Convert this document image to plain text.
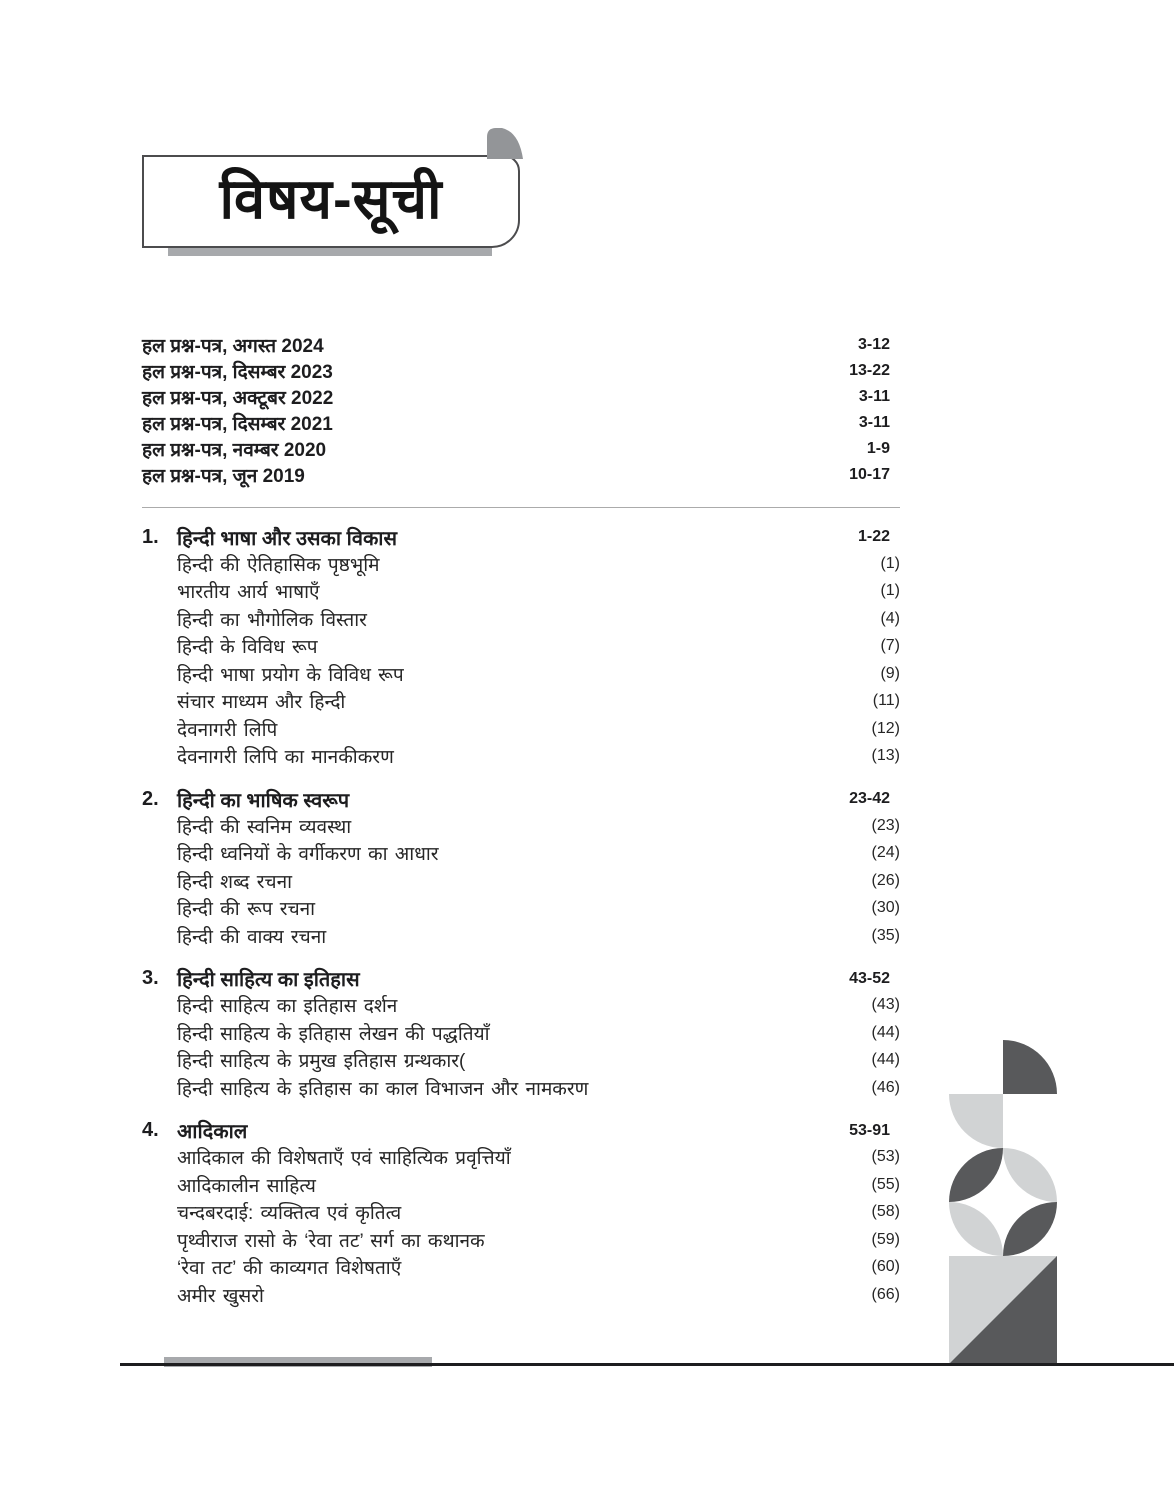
विषय-सूची
हल प्रश्न-पत्र, अगस्त 2024	3-12
हल प्रश्न-पत्र, दिसम्बर 2023	13-22
हल प्रश्न-पत्र, अक्टूबर 2022	3-11
हल प्रश्न-पत्र, दिसम्बर 2021	3-11
हल प्रश्न-पत्र, नवम्बर 2020	1-9
हल प्रश्न-पत्र, जून 2019	10-17
1. हिन्दी भाषा और उसका विकास	1-22
हिन्दी की ऐतिहासिक पृष्ठभूमि	(1)
भारतीय आर्य भाषाएँ	(1)
हिन्दी का भौगोलिक विस्तार	(4)
हिन्दी के विविध रूप	(7)
हिन्दी भाषा प्रयोग के विविध रूप	(9)
संचार माध्यम और हिन्दी	(11)
देवनागरी लिपि	(12)
देवनागरी लिपि का मानकीकरण	(13)
2. हिन्दी का भाषिक स्वरूप	23-42
हिन्दी की स्वनिम व्यवस्था	(23)
हिन्दी ध्वनियों के वर्गीकरण का आधार	(24)
हिन्दी शब्द रचना	(26)
हिन्दी की रूप रचना	(30)
हिन्दी की वाक्य रचना	(35)
3. हिन्दी साहित्य का इतिहास	43-52
हिन्दी साहित्य का इतिहास दर्शन	(43)
हिन्दी साहित्य के इतिहास लेखन की पद्धतियाँ	(44)
हिन्दी साहित्य के प्रमुख इतिहास ग्रन्थकार(	(44)
हिन्दी साहित्य के इतिहास का काल विभाजन और नामकरण	(46)
4. आदिकाल	53-91
आदिकाल की विशेषताएँ एवं साहित्यिक प्रवृत्तियाँ	(53)
आदिकालीन साहित्य	(55)
चन्दबरदाई: व्यक्तित्व एवं कृतित्व	(58)
पृथ्वीराज रासो के ‘रेवा तट’ सर्ग का कथानक	(59)
‘रेवा तट’ की काव्यगत विशेषताएँ	(60)
अमीर खुसरो	(66)
